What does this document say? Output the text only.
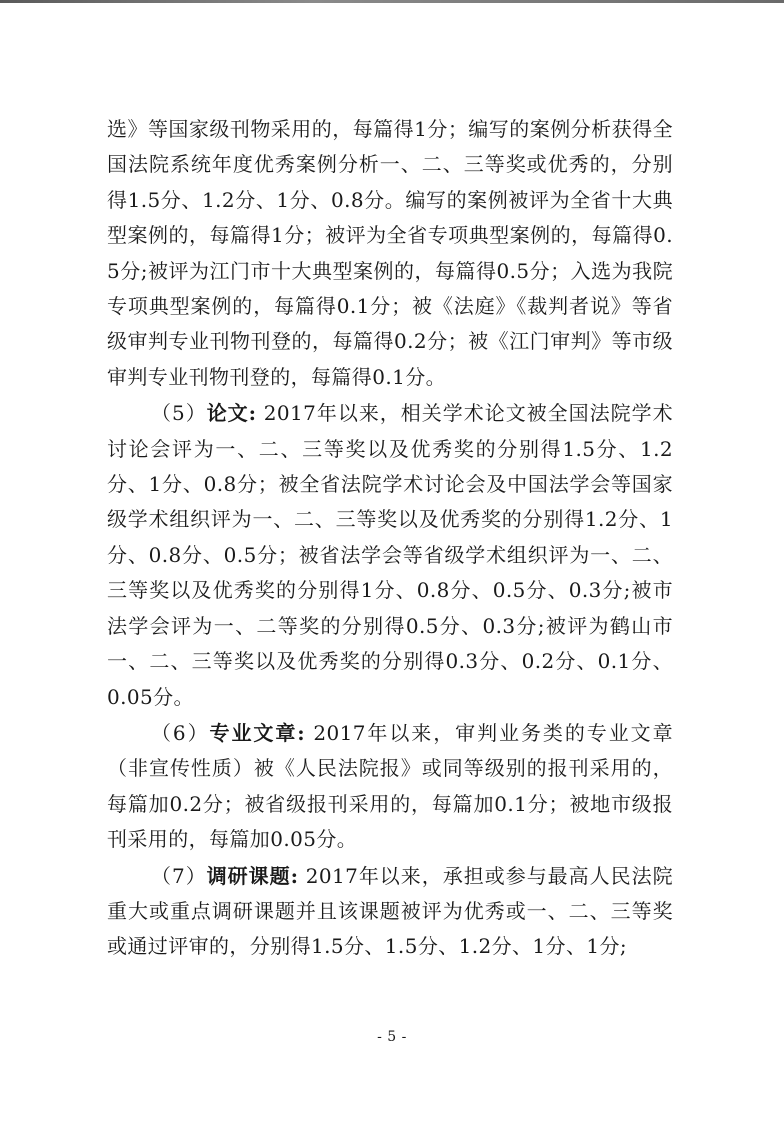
选》等国家级刊物采用的，每篇得1分；编写的案例分析获得全国法院系统年度优秀案例分析一、二、三等奖或优秀的，分别得1.5分、1.2分、1分、0.8分。编写的案例被评为全省十大典型案例的，每篇得1分；被评为全省专项典型案例的，每篇得0.5分;被评为江门市十大典型案例的，每篇得0.5分；入选为我院专项典型案例的，每篇得0.1分；被《法庭》《裁判者说》等省级审判专业刊物刊登的，每篇得0.2分；被《江门审判》等市级审判专业刊物刊登的，每篇得0.1分。

（5）论文: 2017年以来，相关学术论文被全国法院学术讨论会评为一、二、三等奖以及优秀奖的分别得1.5分、1.2分、1分、0.8分；被全省法院学术讨论会及中国法学会等国家级学术组织评为一、二、三等奖以及优秀奖的分别得1.2分、1分、0.8分、0.5分；被省法学会等省级学术组织评为一、二、三等奖以及优秀奖的分别得1分、0.8分、0.5分、0.3分;被市法学会评为一、二等奖的分别得0.5分、0.3分;被评为鹤山市一、二、三等奖以及优秀奖的分别得0.3分、0.2分、0.1分、0.05分。

（6）专业文章: 2017年以来，审判业务类的专业文章（非宣传性质）被《人民法院报》或同等级别的报刊采用的，每篇加0.2分；被省级报刊采用的，每篇加0.1分；被地市级报刊采用的，每篇加0.05分。

（7）调研课题: 2017年以来，承担或参与最高人民法院重大或重点调研课题并且该课题被评为优秀或一、二、三等奖或通过评审的，分别得1.5分、1.5分、1.2分、1分、1分;

- 5 -
